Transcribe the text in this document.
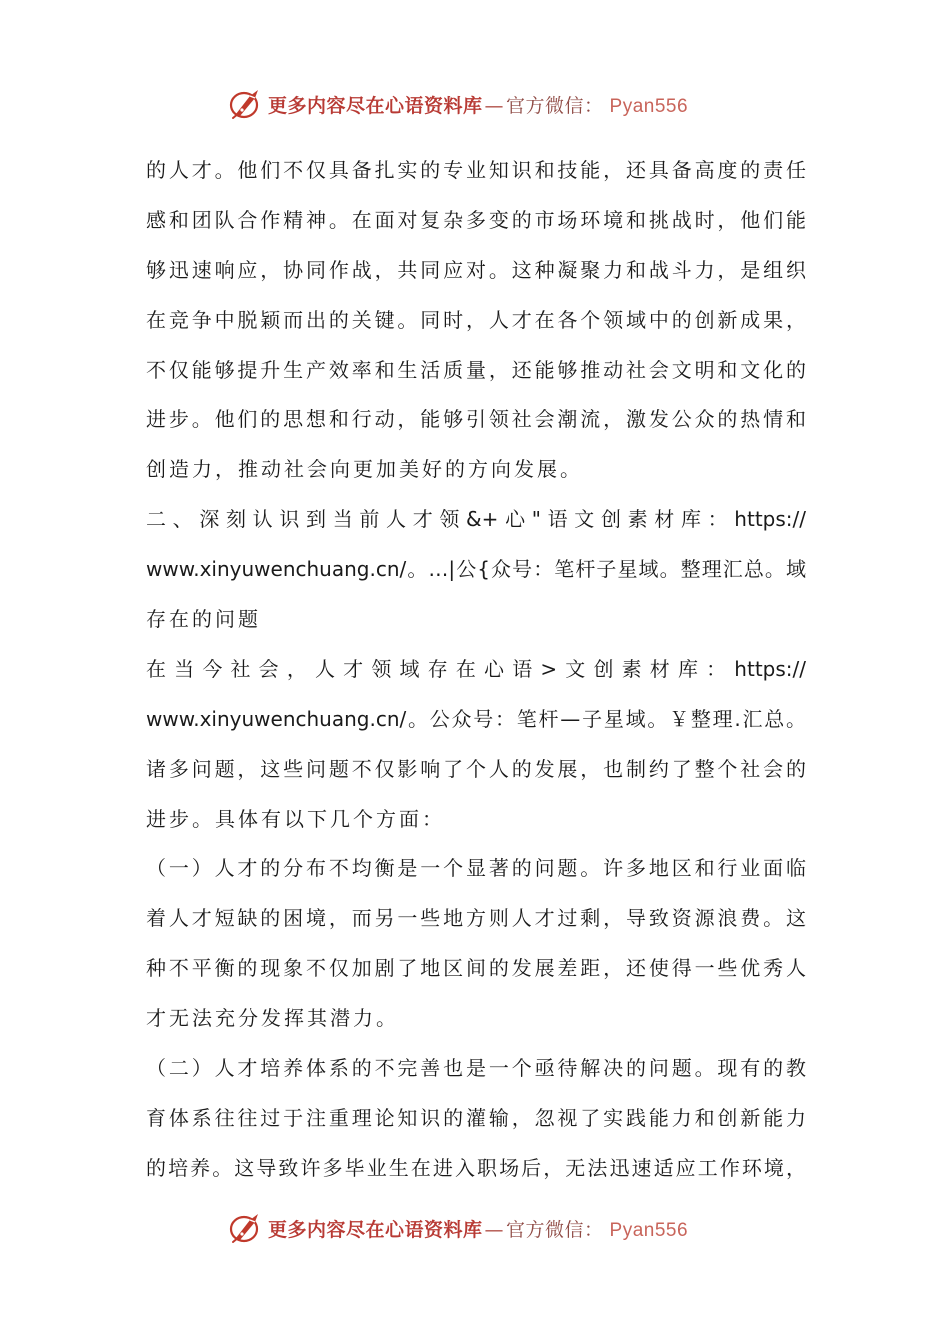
更多内容尽在心语资料库 — 官方微信： Pyan556
的人才。他们不仅具备扎实的专业知识和技能，还具备高度的责任
感和团队合作精神。在面对复杂多变的市场环境和挑战时，他们能
够迅速响应，协同作战，共同应对。这种凝聚力和战斗力，是组织
在竞争中脱颖而出的关键。同时，人才在各个领域中的创新成果，
不仅能够提升生产效率和生活质量，还能够推动社会文明和文化的
进步。他们的思想和行动，能够引领社会潮流，激发公众的热情和
创造力，推动社会向更加美好的方向发展。
二、深刻认识到当前人才领&+心"语文创素材库：https://
www.xinyuwenchuang.cn/。…|公{众号：笔杆子星域。整理汇总。域
存在的问题
在当今社会，人才领域存在心语>文创素材库：https://
www.xinyuwenchuang.cn/。公众号：笔杆—子星域。￥整理.汇总。
诸多问题，这些问题不仅影响了个人的发展，也制约了整个社会的
进步。具体有以下几个方面：
（一）人才的分布不均衡是一个显著的问题。许多地区和行业面临
着人才短缺的困境，而另一些地方则人才过剩，导致资源浪费。这
种不平衡的现象不仅加剧了地区间的发展差距，还使得一些优秀人
才无法充分发挥其潜力。
（二）人才培养体系的不完善也是一个亟待解决的问题。现有的教
育体系往往过于注重理论知识的灌输，忽视了实践能力和创新能力
的培养。这导致许多毕业生在进入职场后，无法迅速适应工作环境，
更多内容尽在心语资料库 — 官方微信： Pyan556
